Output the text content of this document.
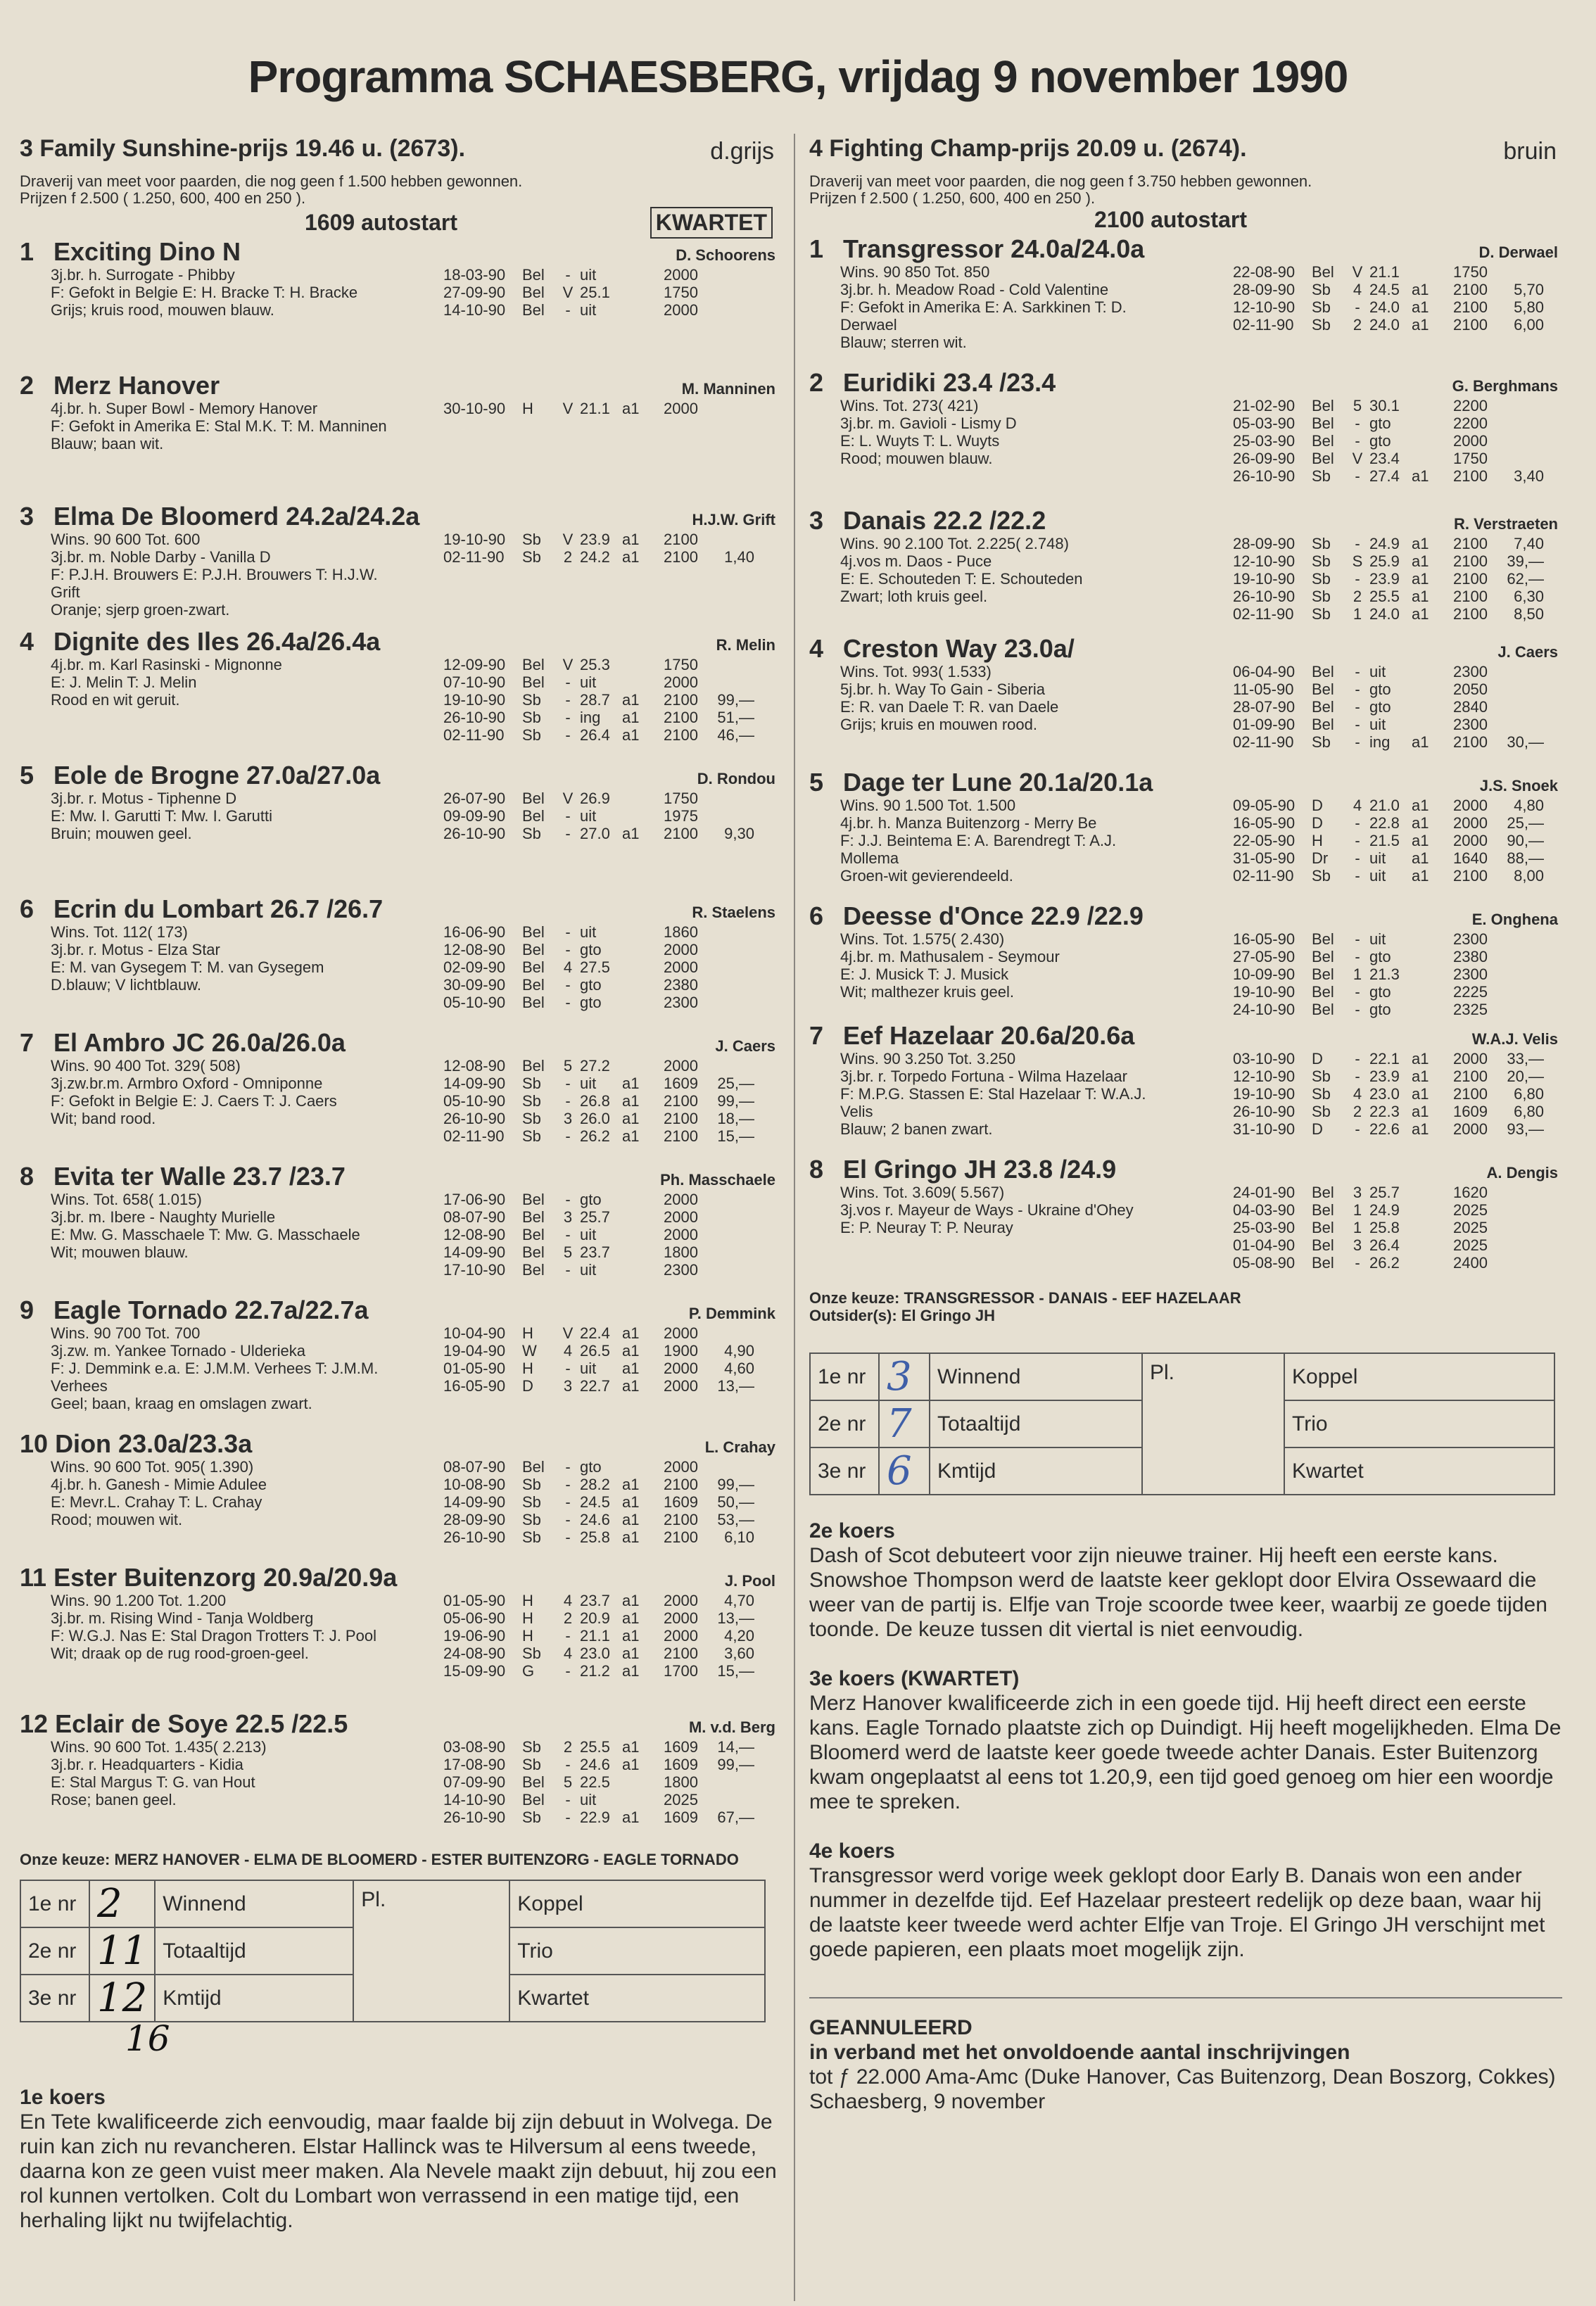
Programma SCHAESBERG, vrijdag 9 november 1990
3 Family Sunshine-prijs 19.46 u. (2673).	d.grijs
Draverij van meet voor paarden, die nog geen f 1.500 hebben gewonnen.
Prijzen f 2.500 ( 1.250, 600, 400 en 250 ).
1609 autostart	KWARTET
1 Exciting Dino N	D. Schoorens
3j.br. h. Surrogate - Phibby
F: Gefokt in Belgie E: H. Bracke T: H. Bracke
Grijs; kruis rood, mouwen blauw.
18-03-90 Bel - uit	2000
27-09-90 Bel V 25.1	1750
14-10-90 Bel - uit	2000
2 Merz Hanover	M. Manninen
4j.br. h. Super Bowl - Memory Hanover
F: Gefokt in Amerika E: Stal M.K. T: M. Manninen
Blauw; baan wit.
30-10-90 H V 21.1 a1 2000
3 Elma De Bloomerd 24.2a/24.2a	H.J.W. Grift
Wins. 90 600 Tot. 600
3j.br. m. Noble Darby - Vanilla D
F: P.J.H. Brouwers E: P.J.H. Brouwers T: H.J.W.
Grift
Oranje; sjerp groen-zwart.
19-10-90 Sb V 23.9 a1 2100
02-11-90 Sb 2 24.2 a1 2100 1,40
4 Dignite des Iles 26.4a/26.4a	R. Melin
4j.br. m. Karl Rasinski - Mignonne
E: J. Melin T: J. Melin
Rood en wit geruit.
12-09-90 Bel V 25.3	1750
07-10-90 Bel - uit	2000
19-10-90 Sb - 28.7 a1 2100 99,—
26-10-90 Sb - ing a1 2100 51,—
02-11-90 Sb - 26.4 a1 2100 46,—
5 Eole de Brogne 27.0a/27.0a	D. Rondou
3j.br. r. Motus - Tiphenne D
E: Mw. I. Garutti T: Mw. I. Garutti
Bruin; mouwen geel.
26-07-90 Bel V 26.9	1750
09-09-90 Bel - uit	1975
26-10-90 Sb - 27.0 a1 2100 9,30
6 Ecrin du Lombart 26.7 /26.7	R. Staelens
Wins. Tot. 112( 173)
3j.br. r. Motus - Elza Star
E: M. van Gysegem T: M. van Gysegem
D.blauw; V lichtblauw.
16-06-90 Bel - uit	1860
12-08-90 Bel - gto	2000
02-09-90 Bel 4 27.5	2000
30-09-90 Bel - gto	2380
05-10-90 Bel - gto	2300
7 El Ambro JC 26.0a/26.0a	J. Caers
Wins. 90 400 Tot. 329( 508)
3j.zw.br.m. Armbro Oxford - Omniponne
F: Gefokt in Belgie E: J. Caers T: J. Caers
Wit; band rood.
12-08-90 Bel 5 27.2	2000
14-09-90 Sb - uit a1 1609 25,—
05-10-90 Sb - 26.8 a1 2100 99,—
26-10-90 Sb 3 26.0 a1 2100 18,—
02-11-90 Sb - 26.2 a1 2100 15,—
8 Evita ter Walle 23.7 /23.7	Ph. Masschaele
Wins. Tot. 658( 1.015)
3j.br. m. Ibere - Naughty Murielle
E: Mw. G. Masschaele T: Mw. G. Masschaele
Wit; mouwen blauw.
17-06-90 Bel - gto	2000
08-07-90 Bel 3 25.7	2000
12-08-90 Bel - uit	2000
14-09-90 Bel 5 23.7	1800
17-10-90 Bel - uit	2300
9 Eagle Tornado 22.7a/22.7a	P. Demmink
Wins. 90 700 Tot. 700
3j.zw. m. Yankee Tornado - Ulderieka
F: J. Demmink e.a. E: J.M.M. Verhees T: J.M.M.
Verhees
Geel; baan, kraag en omslagen zwart.
10-04-90 H V 22.4 a1 2000
19-04-90 W 4 26.5 a1 1900 4,90
01-05-90 H - uit a1 2000 4,60
16-05-90 D 3 22.7 a1 2000 13,—
10 Dion 23.0a/23.3a	L. Crahay
Wins. 90 600 Tot. 905( 1.390)
4j.br. h. Ganesh - Mimie Adulee
E: Mevr.L. Crahay T: L. Crahay
Rood; mouwen wit.
08-07-90 Bel - gto	2000
10-08-90 Sb - 28.2 a1 2100 99,—
14-09-90 Sb - 24.5 a1 1609 50,—
28-09-90 Sb - 24.6 a1 2100 53,—
26-10-90 Sb - 25.8 a1 2100 6,10
11 Ester Buitenzorg 20.9a/20.9a	J. Pool
Wins. 90 1.200 Tot. 1.200
3j.br. m. Rising Wind - Tanja Woldberg
F: W.G.J. Nas E: Stal Dragon Trotters T: J. Pool
Wit; draak op de rug rood-groen-geel.
01-05-90 H 4 23.7 a1 2000 4,70
05-06-90 H 2 20.9 a1 2000 13,—
19-06-90 H - 21.1 a1 2000 4,20
24-08-90 Sb 4 23.0 a1 2100 3,60
15-09-90 G - 21.2 a1 1700 15,—
12 Eclair de Soye 22.5 /22.5	M. v.d. Berg
Wins. 90 600 Tot. 1.435( 2.213)
3j.br. r. Headquarters - Kidia
E: Stal Margus T: G. van Hout
Rose; banen geel.
03-08-90 Sb 2 25.5 a1 1609 14,—
17-08-90 Sb - 24.6 a1 1609 99,—
07-09-90 Bel 5 22.5	1800
14-10-90 Bel - uit	2025
26-10-90 Sb - 22.9 a1 1609 67,—
Onze keuze: MERZ HANOVER - ELMA DE BLOOMERD - ESTER BUITENZORG - EAGLE TORNADO
1e nr	2	Winnend	Pl.	Koppel
2e nr	11	Totaaltijd		Trio
3e nr	12	Kmtijd		Kwartet
16
1e koers
En Tete kwalificeerde zich eenvoudig, maar faalde bij zijn debuut in Wolvega. De ruin kan zich nu revancheren. Elstar Hallinck was te Hilversum al eens tweede, daarna kon ze geen vuist meer maken. Ala Nevele maakt zijn debuut, hij zou een rol kunnen vertolken. Colt du Lombart won verrassend in een matige tijd, een herhaling lijkt nu twijfelachtig.
4 Fighting Champ-prijs 20.09 u. (2674).	bruin
Draverij van meet voor paarden, die nog geen f 3.750 hebben gewonnen.
Prijzen f 2.500 ( 1.250, 600, 400 en 250 ).
2100 autostart
1 Transgressor 24.0a/24.0a	D. Derwael
Wins. 90 850 Tot. 850
3j.br. h. Meadow Road - Cold Valentine
F: Gefokt in Amerika E: A. Sarkkinen T: D.
Derwael
Blauw; sterren wit.
22-08-90 Bel V 21.1	1750
28-09-90 Sb 4 24.5 a1 2100 5,70
12-10-90 Sb - 24.0 a1 2100 5,80
02-11-90 Sb 2 24.0 a1 2100 6,00
2 Euridiki 23.4 /23.4	G. Berghmans
Wins. Tot. 273( 421)
3j.br. m. Gavioli - Lismy D
E: L. Wuyts T: L. Wuyts
Rood; mouwen blauw.
21-02-90 Bel 5 30.1	2200
05-03-90 Bel - gto	2200
25-03-90 Bel - gto	2000
26-09-90 Bel V 23.4	1750
26-10-90 Sb - 27.4 a1 2100 3,40
3 Danais 22.2 /22.2	R. Verstraeten
Wins. 90 2.100 Tot. 2.225( 2.748)
4j.vos m. Daos - Puce
E: E. Schouteden T: E. Schouteden
Zwart; loth kruis geel.
28-09-90 Sb - 24.9 a1 2100 7,40
12-10-90 Sb S 25.9 a1 2100 39,—
19-10-90 Sb - 23.9 a1 2100 62,—
26-10-90 Sb 2 25.5 a1 2100 6,30
02-11-90 Sb 1 24.0 a1 2100 8,50
4 Creston Way 23.0a/	J. Caers
Wins. Tot. 993( 1.533)
5j.br. h. Way To Gain - Siberia
E: R. van Daele T: R. van Daele
Grijs; kruis en mouwen rood.
06-04-90 Bel - uit	2300
11-05-90 Bel - gto	2050
28-07-90 Bel - gto	2840
01-09-90 Bel - uit	2300
02-11-90 Sb - ing a1 2100 30,—
5 Dage ter Lune 20.1a/20.1a	J.S. Snoek
Wins. 90 1.500 Tot. 1.500
4j.br. h. Manza Buitenzorg - Merry Be
F: J.J. Beintema E: A. Barendregt T: A.J.
Mollema
Groen-wit gevierendeeld.
09-05-90 D 4 21.0 a1 2000 4,80
16-05-90 D - 22.8 a1 2000 25,—
22-05-90 H - 21.5 a1 2000 90,—
31-05-90 Dr - uit a1 1640 88,—
02-11-90 Sb - uit a1 2100 8,00
6 Deesse d'Once 22.9 /22.9	E. Onghena
Wins. Tot. 1.575( 2.430)
4j.br. m. Mathusalem - Seymour
E: J. Musick T: J. Musick
Wit; malthezer kruis geel.
16-05-90 Bel - uit	2300
27-05-90 Bel - gto	2380
10-09-90 Bel 1 21.3	2300
19-10-90 Bel - gto	2225
24-10-90 Bel - gto	2325
7 Eef Hazelaar 20.6a/20.6a	W.A.J. Velis
Wins. 90 3.250 Tot. 3.250
3j.br. r. Torpedo Fortuna - Wilma Hazelaar
F: M.P.G. Stassen E: Stal Hazelaar T: W.A.J.
Velis
Blauw; 2 banen zwart.
03-10-90 D - 22.1 a1 2000 33,—
12-10-90 Sb - 23.9 a1 2100 20,—
19-10-90 Sb 4 23.0 a1 2100 6,80
26-10-90 Sb 2 22.3 a1 1609 6,80
31-10-90 D - 22.6 a1 2000 93,—
8 El Gringo JH 23.8 /24.9	A. Dengis
Wins. Tot. 3.609( 5.567)
3j.vos r. Mayeur de Ways - Ukraine d'Ohey
E: P. Neuray T: P. Neuray
24-01-90 Bel 3 25.7	1620
04-03-90 Bel 1 24.9	2025
25-03-90 Bel 1 25.8	2025
01-04-90 Bel 3 26.4	2025
05-08-90 Bel - 26.2	2400
Onze keuze: TRANSGRESSOR - DANAIS - EEF HAZELAAR
Outsider(s): El Gringo JH
1e nr	3	Winnend	Pl.	Koppel
2e nr	7	Totaaltijd		Trio
3e nr	6	Kmtijd		Kwartet
2e koers
Dash of Scot debuteert voor zijn nieuwe trainer. Hij heeft een eerste kans. Snowshoe Thompson werd de laatste keer geklopt door Elvira Ossewaard die weer van de partij is. Elfje van Troje scoorde twee keer, waarbij ze goede tijden toonde. De keuze tussen dit viertal is niet eenvoudig.
3e koers (KWARTET)
Merz Hanover kwalificeerde zich in een goede tijd. Hij heeft direct een eerste kans. Eagle Tornado plaatste zich op Duindigt. Hij heeft mogelijkheden. Elma De Bloomerd werd de laatste keer goede tweede achter Danais. Ester Buitenzorg kwam ongeplaatst al eens tot 1.20,9, een tijd goed genoeg om hier een woordje mee te spreken.
4e koers
Transgressor werd vorige week geklopt door Early B. Danais won een ander nummer in dezelfde tijd. Eef Hazelaar presteert redelijk op deze baan, waar hij de laatste keer tweede werd achter Elfje van Troje. El Gringo JH verschijnt met goede papieren, een plaats moet mogelijk zijn.
GEANNULEERD
in verband met het onvoldoende aantal inschrijvingen
tot ƒ 22.000 Ama-Amc (Duke Hanover, Cas Buitenzorg, Dean Boszorg, Cokkes)
Schaesberg, 9 november
